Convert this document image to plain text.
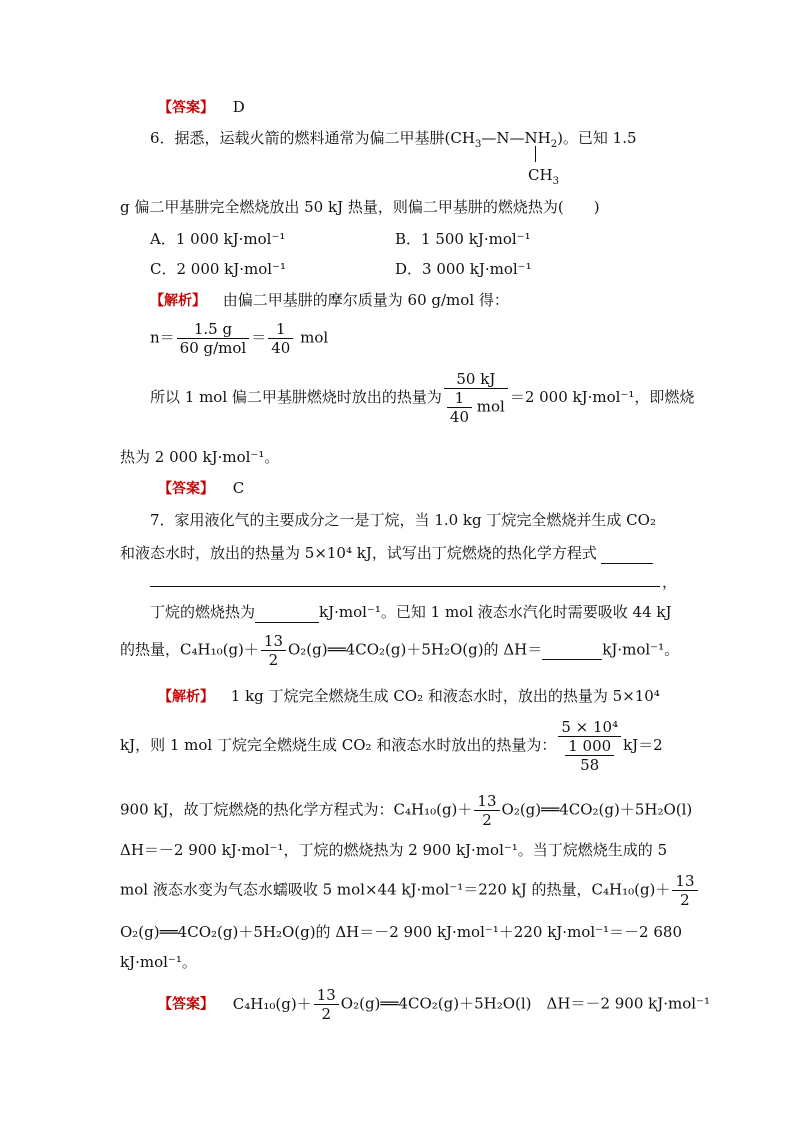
【答案】 D
6．据悉，运载火箭的燃料通常为偏二甲基肼$(CH_3—N—NH_2)$。已知 1.5
$CH_3$
g 偏二甲基肼完全燃烧放出 50 kJ 热量，则偏二甲基肼的燃烧热为(　　)
A．1 000 kJ·mol⁻¹	B．1 500 kJ·mol⁻¹
C．2 000 kJ·mol⁻¹	D．3 000 kJ·mol⁻¹
【解析】 由偏二甲基肼的摩尔质量为 60 g/mol 得：
$n= \frac{1.5 g}{\text{60 g/mol}} = \frac{1}{40}$ mol
所以 1 mol 偏二甲基肼燃烧时放出的热量为 $\frac{50 kJ}{\frac{1}{40} mol} =2$ 000 kJ·mol⁻¹，即燃烧
热为 2 000 kJ·mol⁻¹。
【答案】 C
7．家用液化气的主要成分之一是丁烷，当 1.0 kg 丁烷完全燃烧并生成 CO₂
和液态水时，放出的热量为 5×10⁴ kJ，试写出丁烷燃烧的热化学方程式
，
丁烷的燃烧热为	kJ·mol⁻¹。已知 1 mol 液态水汽化时需要吸收 44 kJ
的热量，$C_4H_{10}(g)+ \frac{13}{2}$ O₂(g)══4CO₂(g)＋5H₂O(g)的 ΔH＝	kJ·mol⁻¹。
【解析】 1 kg 丁烷完全燃烧生成 CO₂ 和液态水时，放出的热量为 5×10⁴
kJ，则 1 mol 丁烷完全燃烧生成 CO₂ 和液态水时放出的热量为： $\frac{\text{5 × 10⁴}}{\frac{1 000}{58}} kJ=2$
900 kJ，故丁烷燃烧的热化学方程式为：$C_4H_{10}(g)+ \frac{13}{2}$ O₂(g)══4CO₂(g)＋5H₂O(l)
ΔH＝－2 900 kJ·mol⁻¹，丁烷的燃烧热为 2 900 kJ·mol⁻¹。当丁烷燃烧生成的 5
mol 液态水变为气态水蠕吸收 5 mol×44 kJ·mol⁻¹＝220 kJ 的热量，$C_4H_{10}(g)+ \frac{13}{2}$
O₂(g)══4CO₂(g)＋5H₂O(g)的 ΔH＝－2 900 kJ·mol⁻¹＋220 kJ·mol⁻¹＝－2 680
kJ·mol⁻¹。
【答案】 $C_4H_{10}(g)+ \frac{13}{2}$ O₂(g)══4CO₂(g)＋5H₂O(l)　ΔH＝－2 900 kJ·mol⁻¹
